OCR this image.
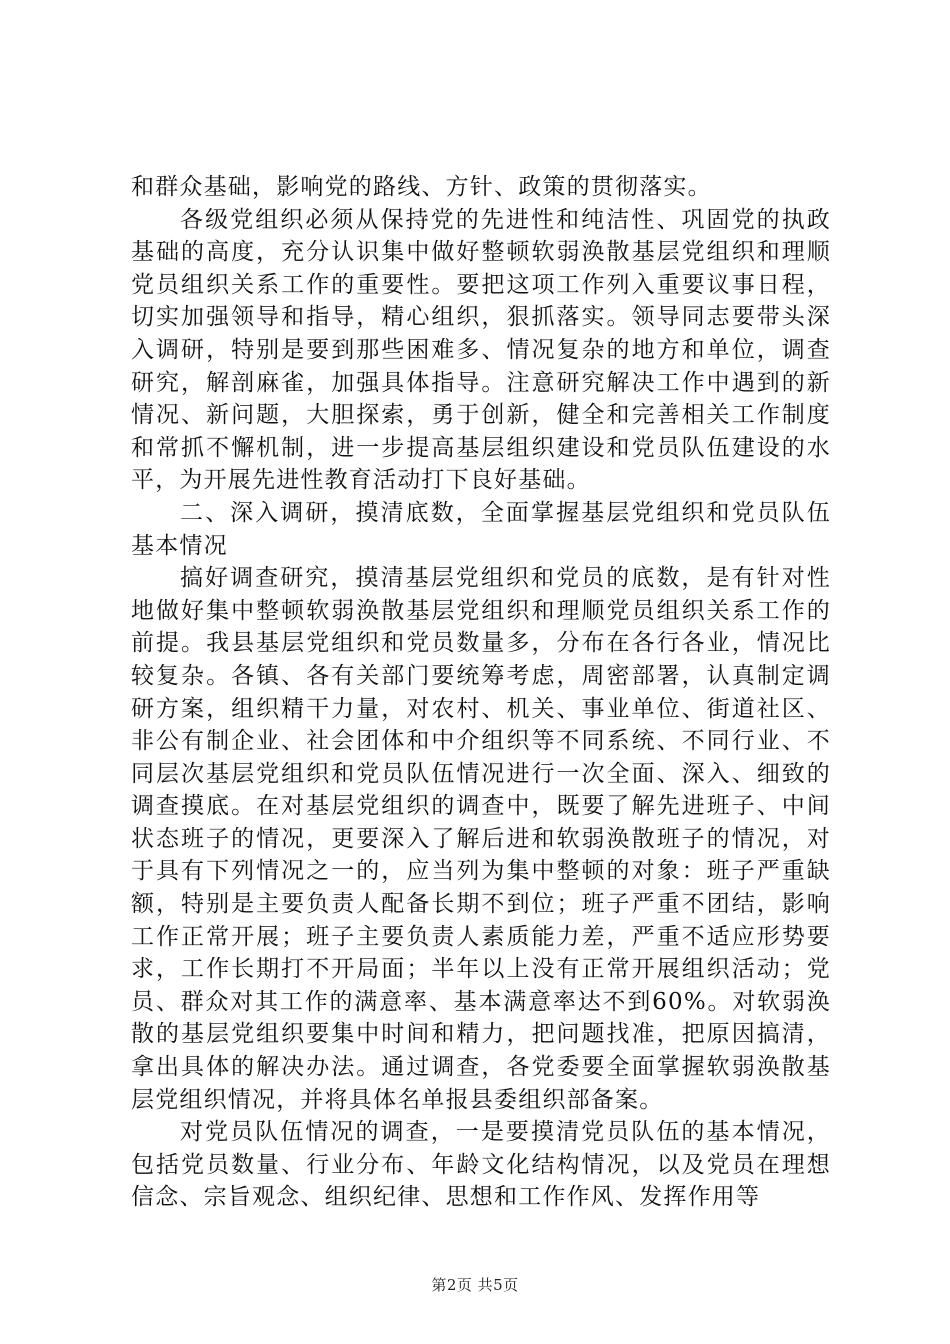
和群众基础，影响党的路线、方针、政策的贯彻落实。

各级党组织必须从保持党的先进性和纯洁性、巩固党的执政基础的高度，充分认识集中做好整顿软弱涣散基层党组织和理顺党员组织关系工作的重要性。要把这项工作列入重要议事日程，切实加强领导和指导，精心组织，狠抓落实。领导同志要带头深入调研，特别是要到那些困难多、情况复杂的地方和单位，调查研究，解剖麻雀，加强具体指导。注意研究解决工作中遇到的新情况、新问题，大胆探索，勇于创新，健全和完善相关工作制度和常抓不懈机制，进一步提高基层组织建设和党员队伍建设的水平，为开展先进性教育活动打下良好基础。

二、深入调研，摸清底数，全面掌握基层党组织和党员队伍基本情况

搞好调查研究，摸清基层党组织和党员的底数，是有针对性地做好集中整顿软弱涣散基层党组织和理顺党员组织关系工作的前提。我县基层党组织和党员数量多，分布在各行各业，情况比较复杂。各镇、各有关部门要统筹考虑，周密部署，认真制定调研方案，组织精干力量，对农村、机关、事业单位、街道社区、非公有制企业、社会团体和中介组织等不同系统、不同行业、不同层次基层党组织和党员队伍情况进行一次全面、深入、细致的调查摸底。在对基层党组织的调查中，既要了解先进班子、中间状态班子的情况，更要深入了解后进和软弱涣散班子的情况，对于具有下列情况之一的，应当列为集中整顿的对象：班子严重缺额，特别是主要负责人配备长期不到位；班子严重不团结，影响工作正常开展；班子主要负责人素质能力差，严重不适应形势要求，工作长期打不开局面；半年以上没有正常开展组织活动；党员、群众对其工作的满意率、基本满意率达不到60%。对软弱涣散的基层党组织要集中时间和精力，把问题找准，把原因搞清，拿出具体的解决办法。通过调查，各党委要全面掌握软弱涣散基层党组织情况，并将具体名单报县委组织部备案。

对党员队伍情况的调查，一是要摸清党员队伍的基本情况，包括党员数量、行业分布、年龄文化结构情况，以及党员在理想信念、宗旨观念、组织纪律、思想和工作作风、发挥作用等

第2页 共5页
